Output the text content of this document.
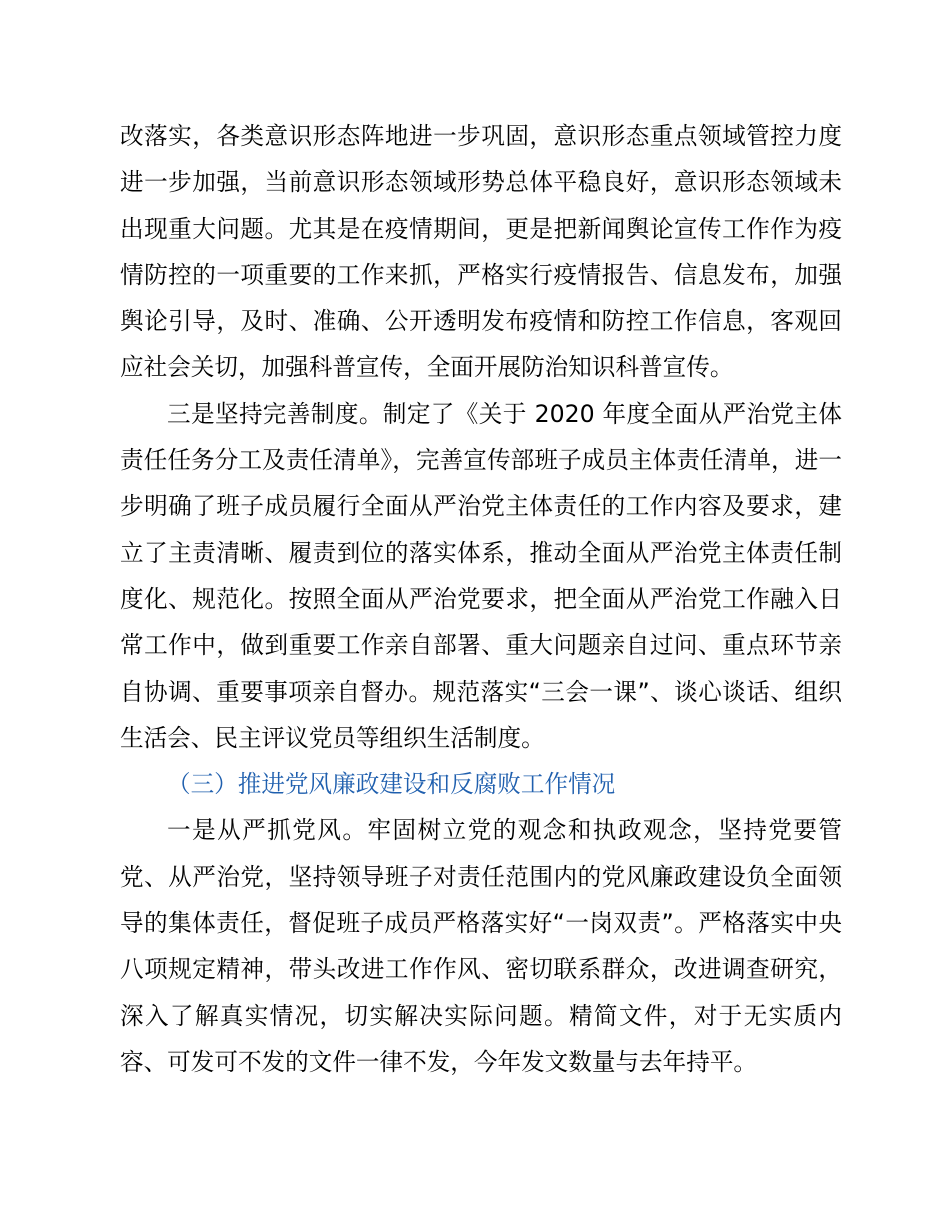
改落实，各类意识形态阵地进一步巩固，意识形态重点领域管控力度进一步加强，当前意识形态领域形势总体平稳良好，意识形态领域未出现重大问题。尤其是在疫情期间，更是把新闻舆论宣传工作作为疫情防控的一项重要的工作来抓，严格实行疫情报告、信息发布，加强舆论引导，及时、准确、公开透明发布疫情和防控工作信息，客观回应社会关切，加强科普宣传，全面开展防治知识科普宣传。

三是坚持完善制度。制定了《关于 2020 年度全面从严治党主体责任任务分工及责任清单》，完善宣传部班子成员主体责任清单，进一步明确了班子成员履行全面从严治党主体责任的工作内容及要求，建立了主责清晰、履责到位的落实体系，推动全面从严治党主体责任制度化、规范化。按照全面从严治党要求，把全面从严治党工作融入日常工作中，做到重要工作亲自部署、重大问题亲自过问、重点环节亲自协调、重要事项亲自督办。规范落实“三会一课”、谈心谈话、组织生活会、民主评议党员等组织生活制度。

（三）推进党风廉政建设和反腐败工作情况

一是从严抓党风。牢固树立党的观念和执政观念，坚持党要管党、从严治党，坚持领导班子对责任范围内的党风廉政建设负全面领导的集体责任，督促班子成员严格落实好“一岗双责”。严格落实中央八项规定精神，带头改进工作作风、密切联系群众，改进调查研究，深入了解真实情况，切实解决实际问题。精简文件，对于无实质内容、可发可不发的文件一律不发，今年发文数量与去年持平。
